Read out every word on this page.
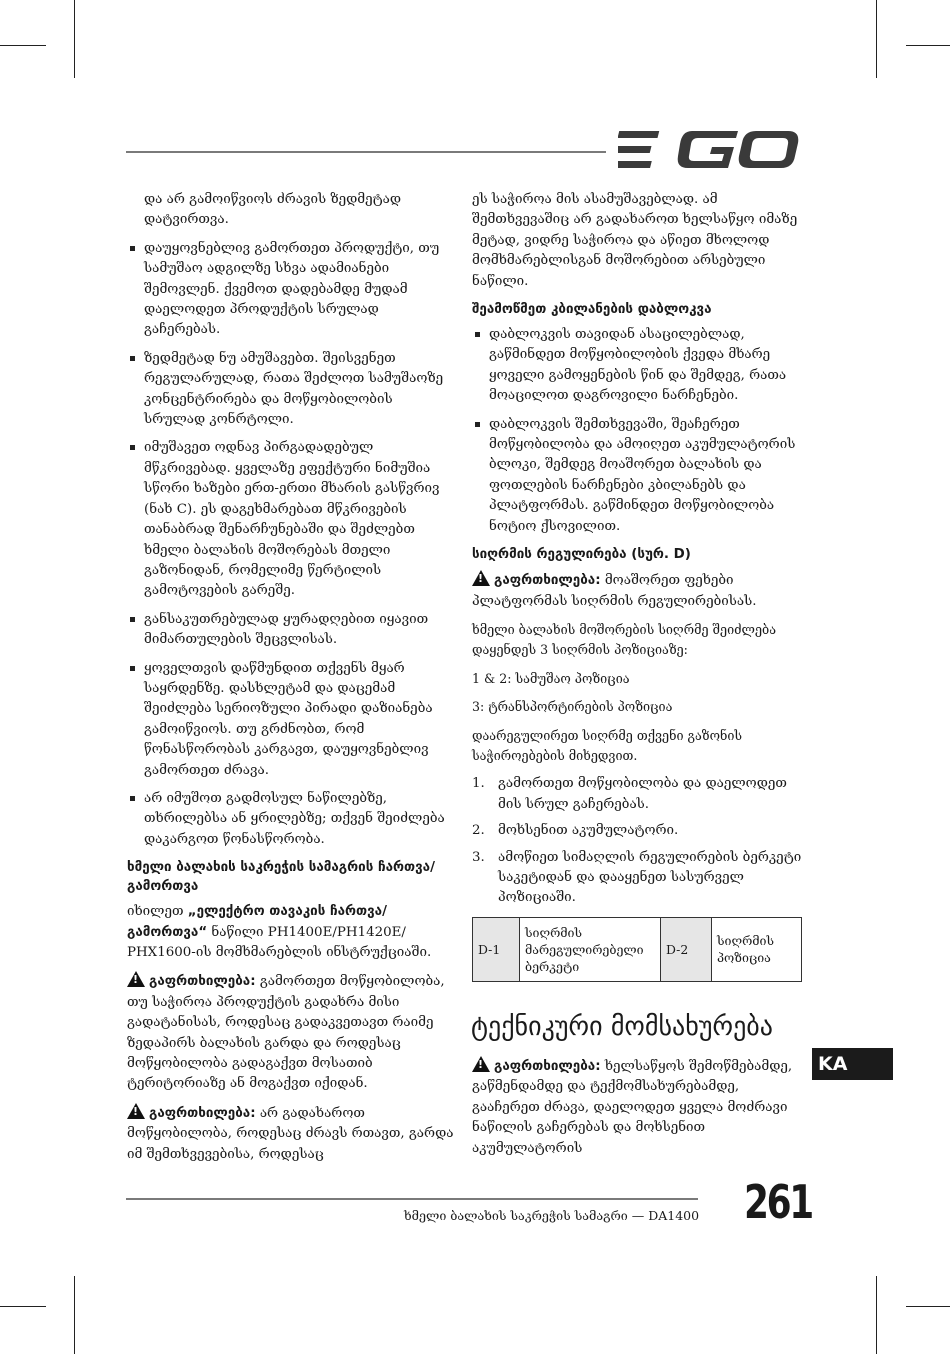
და არ გამოიწვიოს ძრავის ზედმეტად დატვირთვა.

დაუყოვნებლივ გამორთეთ პროდუქტი, თუ სამუშაო ადგილზე სხვა ადამიანები შემოვლენ. ქვემოთ დადებამდე მუდამ დაელოდეთ პროდუქტის სრულად გაჩერებას.
ზედმეტად ნუ ამუშავებთ. შეისვენეთ რეგულარულად, რათა შეძლოთ სამუშაოზე კონცენტრირება და მოწყობილობის სრულად კონრტოლი.
იმუშავეთ ოდნავ პირგადადებულ მწკრივებად. ყველაზე ეფექტური ნიმუშია სწორი ხაზები ერთ-ერთი მხარის გასწვრივ (ნახ C). ეს დაგეხმარებათ მწკრივების თანაბრად შენარჩუნებაში და შეძლებთ ხმელი ბალახის მოშორებას მთელი გაზონიდან, რომელიმე წერტილის გამოტოვების გარეშე.
განსაკუთრებულად ყურადღებით იყავით მიმართულების შეცვლისას.
ყოველთვის დაწმუნდით თქვენს მყარ საყრდენზე. დასხლეტამ და დაცემამ შეიძლება სერიოზული პირადი დაზიანება გამოიწვიოს. თუ გრძნობთ, რომ წონასწორობას კარგავთ, დაუყოვნებლივ გამორთეთ ძრავა.
არ იმუშოთ გადმოსულ ნაწილებზე, თხრილებსა ან ყრილებზე; თქვენ შეიძლება დაკარგოთ წონასწორობა.
ხმელი ბალახის საკრეჭის სამაგრის ჩართვა/ გამორთვა

იხილეთ „ელექტრო თავაკის ჩართვა/ გამორთვა“ ნაწილი PH1400E/PH1420E/ PHX1600-ის მომხმარებლის ინსტრუქციაში.

!გაფრთხილება: გამორთეთ მოწყობილობა, თუ საჭიროა პროდუქტის გადახრა მისი გადატანისას, როდესაც გადაკვეთავთ რაიმე ზედაპირს ბალახის გარდა და როდესაც მოწყობილობა გადაგაქვთ მოსათიბ ტერიტორიაზე ან მოგაქვთ იქიდან.

!გაფრთხილება: არ გადახაროთ მოწყობილობა, როდესაც ძრავს რთავთ, გარდა იმ შემთხვევებისა, როდესაც

ეს საჭიროა მის ასამუშავებლად. ამ შემთხვევაშიც არ გადახაროთ ხელსაწყო იმაზე მეტად, ვიდრე საჭიროა და აწიეთ მხოლოდ მომხმარებლისგან მოშორებით არსებული ნაწილი.

შეამოწმეთ კბილანების დაბლოკვა
დაბლოკვის თავიდან ასაცილებლად, გაწმინდეთ მოწყობილობის ქვედა მხარე ყოველი გამოყენების წინ და შემდეგ, რათა მოაცილოთ დაგროვილი ნარჩენები.
დაბლოკვის შემთხვევაში, შეაჩერეთ მოწყობილობა და ამოიღეთ აკუმულატორის ბლოკი, შემდეგ მოაშორეთ ბალახის და ფოთლების ნარჩენები კბილანებს და პლატფორმას. გაწმინდეთ მოწყობილობა ნოტიო ქსოვილით.
სიღრმის რეგულირება (სურ. D)

!გაფრთხილება: მოაშორეთ ფეხები პლატფორმას სიღრმის რეგულირებისას.

ხმელი ბალახის მოშორების სიღრმე შეიძლება დაყენდეს 3 სიღრმის პოზიციაზე:

1 & 2: სამუშაო პოზიცია

3: ტრანსპორტირების პოზიცია

დაარეგულირეთ სიღრმე თქვენი გაზონის საჭიროებების მიხედვით.

1. გამორთეთ მოწყობილობა და დაელოდეთ მის სრულ გაჩერებას.
2. მოხსენით აკუმულატორი.
3. ამოწიეთ სიმაღლის რეგულირების ბერკეტი საკეტიდან და დააყენეთ სასურველ პოზიციაში.
D-1	სიღრმის მარეგულირებელი ბერკეტი	D-2	სიღრმის პოზიცია
ტექნიკური მომსახურება

!გაფრთხილება: ხელსაწყოს შემოწმებამდე, გაწმენდამდე და ტექმომსახურებამდე, გააჩერეთ ძრავა, დაელოდეთ ყველა მოძრავი ნაწილის გაჩერებას და მოხსენით აკუმულატორის

KA
ხმელი ბალახის საკრეჭის სამაგრი — DA1400 261
